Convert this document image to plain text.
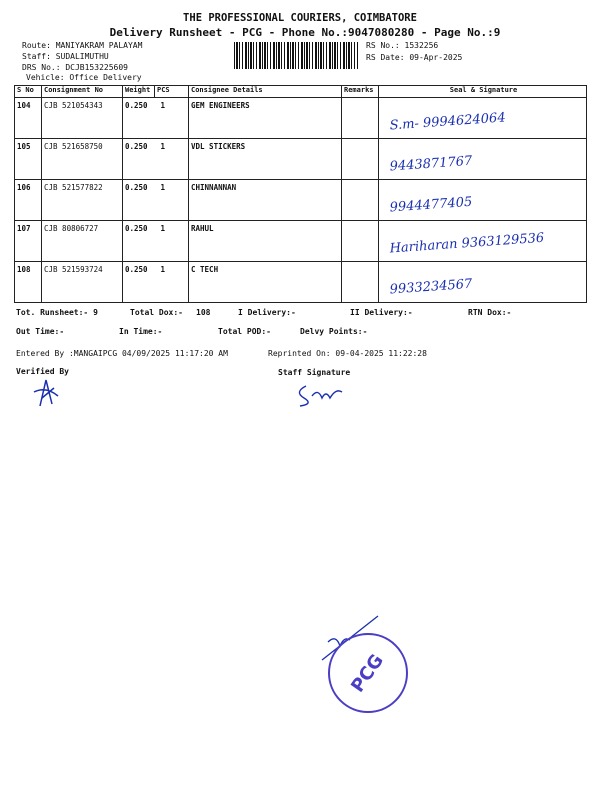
THE PROFESSIONAL COURIERS, COIMBATORE
Delivery Runsheet - PCG - Phone No.:9047080280 - Page No.:9
Route: MANIYAKRAM PALAYAM
Staff: SUDALIMUTHU
DRS No.: DCJB153225609
Vehicle: Office Delivery
RS No.: 1532256
RS Date: 09-Apr-2025
S No	Consignment No	Weight	PCS	Consignee Details	Remarks	Seal & Signature

104	CJB 521054343	0.250	1	GEM ENGINEERS		S.m- 9994624064

105	CJB 521658750	0.250	1	VDL STICKERS		9443871767

106	CJB 521577822	0.250	1	CHINNANNAN		9944477405

107	CJB 80806727	0.250	1	RAHUL		Hariharan 9363129536

108	CJB 521593724	0.250	1	C TECH		9933234567
Tot. Runsheet:- 9	Total Dox:- 108	I Delivery:-	II Delivery:-	RTN Dox:-
Out Time:-	In Time:-	Total POD:-	Delvy Points:-
Entered By :MANGAIPCG 04/09/2025 11:17:20 AM	Reprinted On: 09-04-2025 11:22:28
Verified By	Staff Signature
PCG
